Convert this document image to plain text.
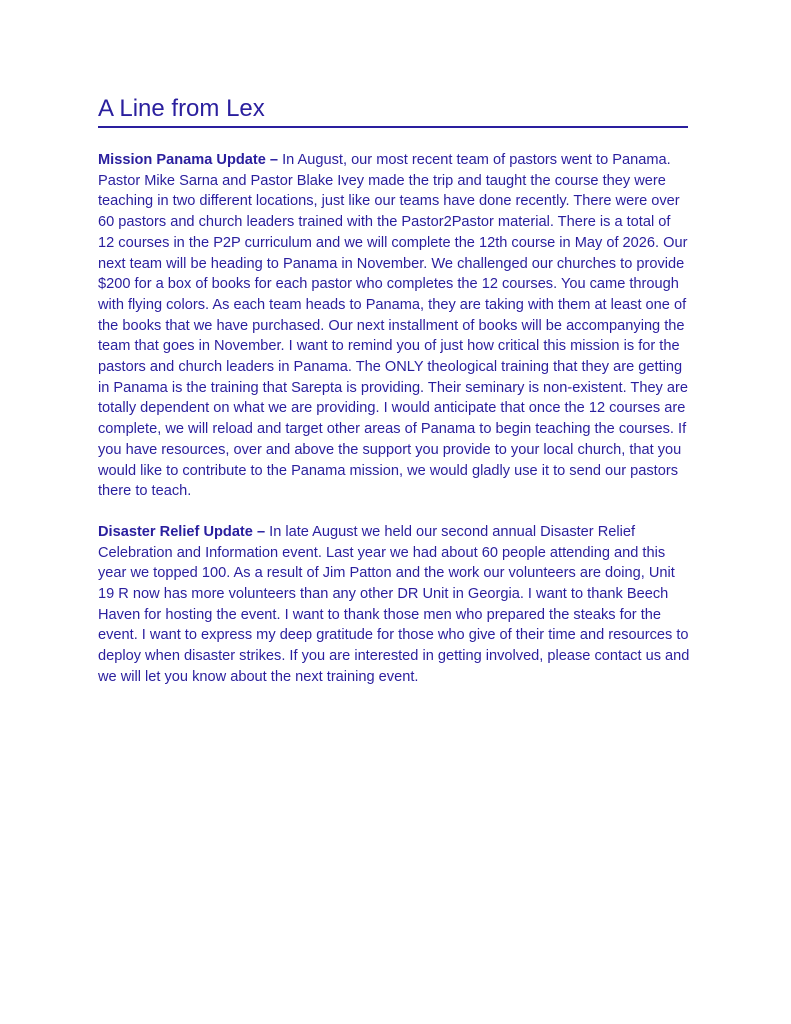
A Line from Lex

Mission Panama Update – In August, our most recent team of pastors went to Panama. Pastor Mike Sarna and Pastor Blake Ivey made the trip and taught the course they were teaching in two different locations, just like our teams have done recently. There were over 60 pastors and church leaders trained with the Pastor2Pastor material. There is a total of 12 courses in the P2P curriculum and we will complete the 12th course in May of 2026. Our next team will be heading to Panama in November. We challenged our churches to provide $200 for a box of books for each pastor who completes the 12 courses. You came through with flying colors. As each team heads to Panama, they are taking with them at least one of the books that we have purchased. Our next installment of books will be accompanying the team that goes in November. I want to remind you of just how critical this mission is for the pastors and church leaders in Panama. The ONLY theological training that they are getting in Panama is the training that Sarepta is providing. Their seminary is non-existent. They are totally dependent on what we are providing. I would anticipate that once the 12 courses are complete, we will reload and target other areas of Panama to begin teaching the courses. If you have resources, over and above the support you provide to your local church, that you would like to contribute to the Panama mission, we would gladly use it to send our pastors there to teach.

Disaster Relief Update – In late August we held our second annual Disaster Relief Celebration and Information event. Last year we had about 60 people attending and this year we topped 100. As a result of Jim Patton and the work our volunteers are doing, Unit 19 R now has more volunteers than any other DR Unit in Georgia. I want to thank Beech Haven for hosting the event. I want to thank those men who prepared the steaks for the event. I want to express my deep gratitude for those who give of their time and resources to deploy when disaster strikes. If you are interested in getting involved, please contact us and we will let you know about the next training event.
